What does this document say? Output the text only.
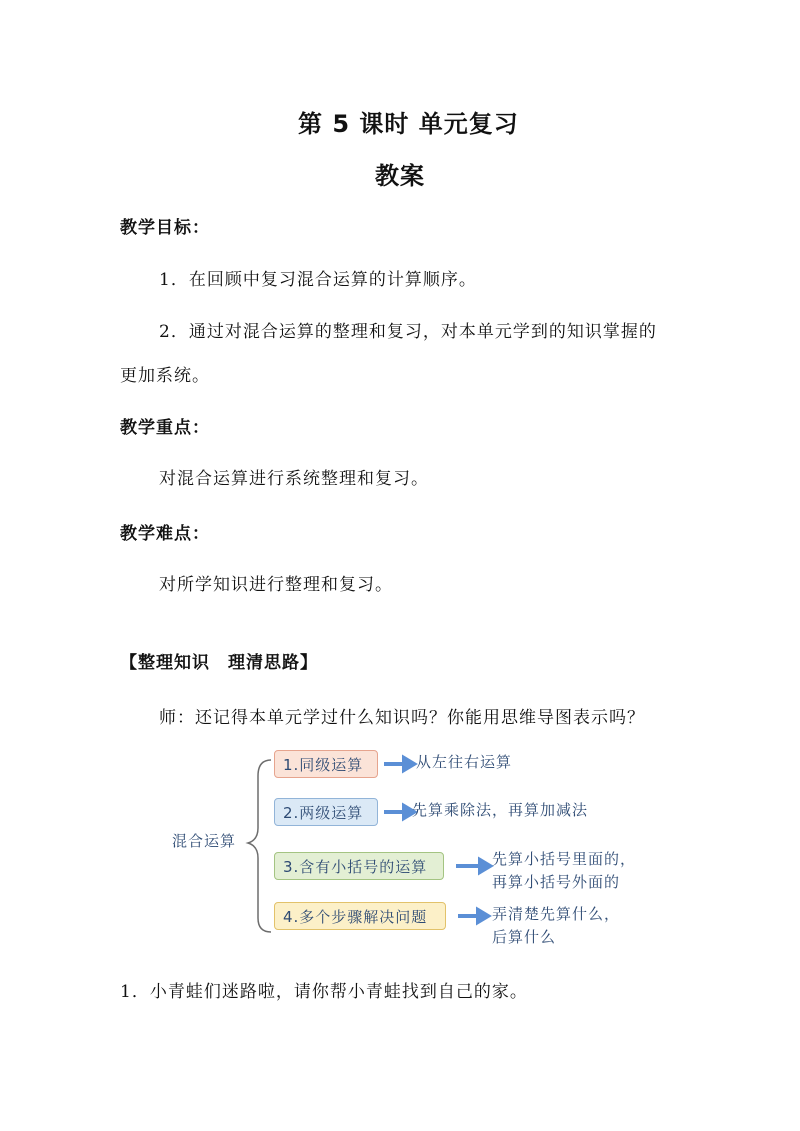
第 5 课时 单元复习
教案
教学目标：
1．在回顾中复习混合运算的计算顺序。
2．通过对混合运算的整理和复习，对本单元学到的知识掌握的
更加系统。
教学重点：
对混合运算进行系统整理和复习。
教学难点：
对所学知识进行整理和复习。
【整理知识　理清思路】
师：还记得本单元学过什么知识吗？你能用思维导图表示吗？
混合运算
1.同级运算	从左往右运算
2.两级运算	先算乘除法，再算加减法
3.含有小括号的运算	先算小括号里面的，
再算小括号外面的
4.多个步骤解决问题	弄清楚先算什么，
后算什么
1．小青蛙们迷路啦，请你帮小青蛙找到自己的家。
